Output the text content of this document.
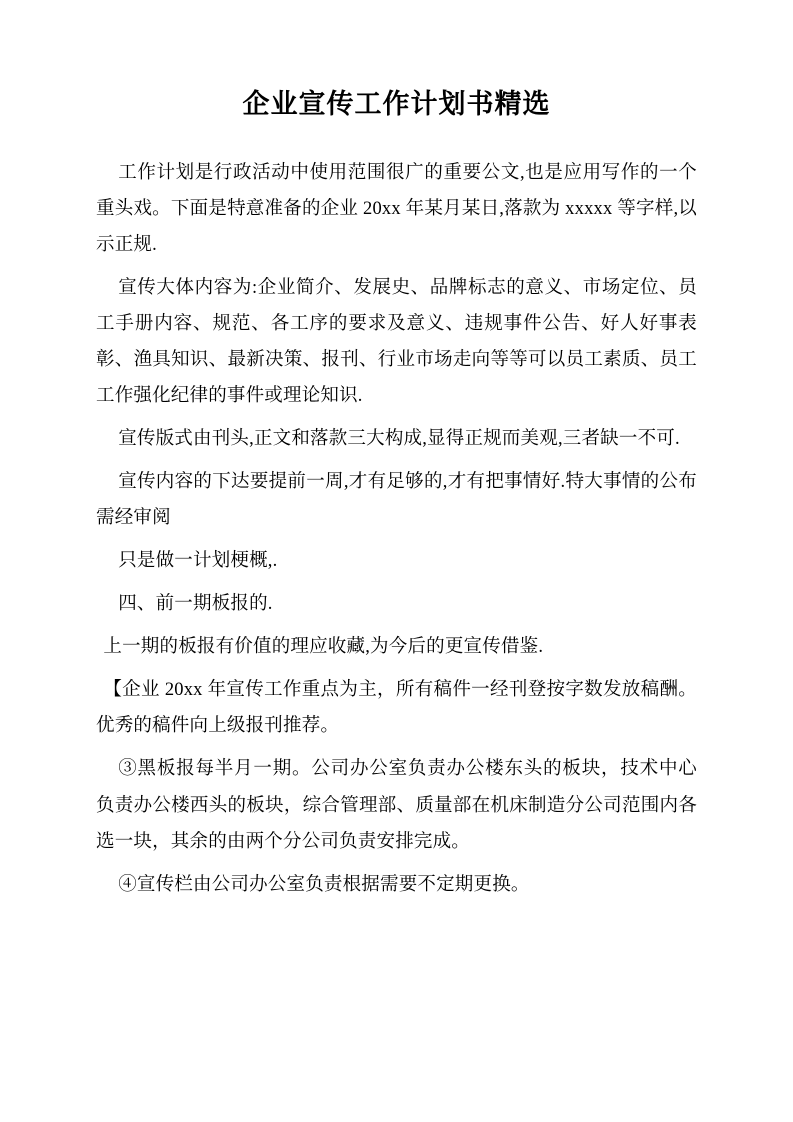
企业宣传工作计划书精选

工作计划是行政活动中使用范围很广的重要公文,也是应用写作的一个重头戏。下面是特意准备的企业 20xx 年某月某日,落款为 xxxxx 等字样,以示正规.

宣传大体内容为:企业简介、发展史、品牌标志的意义、市场定位、员工手册内容、规范、各工序的要求及意义、违规事件公告、好人好事表彰、渔具知识、最新决策、报刊、行业市场走向等等可以员工素质、员工工作强化纪律的事件或理论知识.

宣传版式由刊头,正文和落款三大构成,显得正规而美观,三者缺一不可.

宣传内容的下达要提前一周,才有足够的,才有把事情好.特大事情的公布需经审阅

只是做一计划梗概,.

四、前一期板报的.

上一期的板报有价值的理应收藏,为今后的更宣传借鉴.

【企业 20xx 年宣传工作重点为主，所有稿件一经刊登按字数发放稿酬。优秀的稿件向上级报刊推荐。

③黑板报每半月一期。公司办公室负责办公楼东头的板块，技术中心负责办公楼西头的板块，综合管理部、质量部在机床制造分公司范围内各选一块，其余的由两个分公司负责安排完成。

④宣传栏由公司办公室负责根据需要不定期更换。
